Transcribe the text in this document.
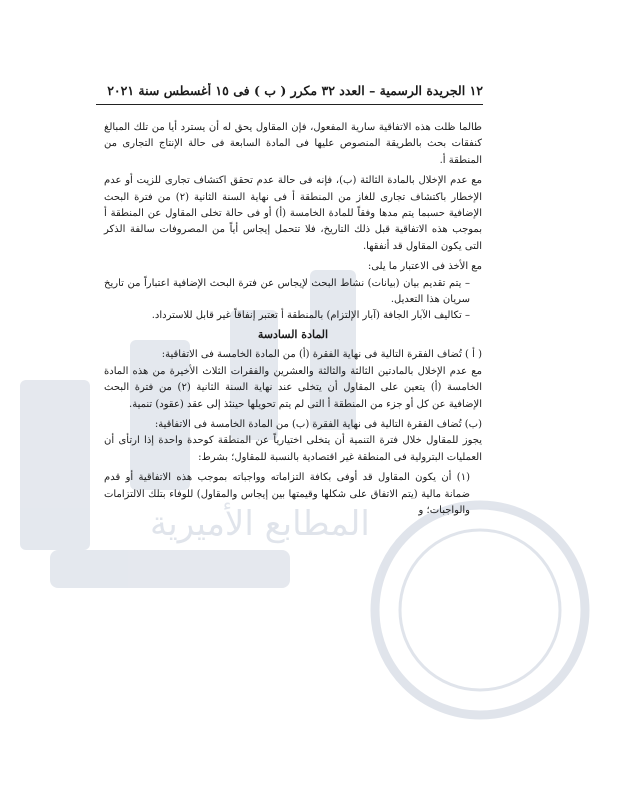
المطابع الأميرية
١٢ الجريدة الرسمية – العدد ٣٢ مكرر ( ب ) فى ١٥ أغسطس سنة ٢٠٢١

طالما ظلت هذه الاتفاقية سارية المفعول، فإن المقاول يحق له أن يسترد أيا من تلك المبالغ كنفقات بحث بالطريقة المنصوص عليها فى المادة السابعة فى حالة الإنتاج التجارى من المنطقة أ.

مع عدم الإخلال بالمادة الثالثة (ب)، فإنه فى حالة عدم تحقق اكتشاف تجارى للزيت أو عدم الإخطار باكتشاف تجارى للغاز من المنطقة أ فى نهاية السنة الثانية (٢) من فترة البحث الإضافية حسبما يتم مدها وفقاً للمادة الخامسة (أ) أو فى حالة تخلى المقاول عن المنطقة أ بموجب هذه الاتفاقية قبل ذلك التاريخ، فلا تتحمل إيجاس أياً من المصروفات سالفة الذكر التى يكون المقاول قد أنفقها.

مع الأخذ فى الاعتبار ما يلى:

– يتم تقديم بيان (بيانات) نشاط البحث لإيجاس عن فترة البحث الإضافية اعتباراً من تاريخ سريان هذا التعديل.

– تكاليف الآبار الجافة (آبار الإلتزام) بالمنطقة أ تعتبر إنفاقاً غير قابل للاسترداد.

المادة السادسة

( أ ) تُضاف الفقرة التالية فى نهاية الفقرة (أ) من المادة الخامسة فى الاتفاقية:

مع عدم الإخلال بالمادتين الثالثة والثالثة والعشرين والفقرات الثلاث الأخيرة من هذه المادة الخامسة (أ) يتعين على المقاول أن يتخلى عند نهاية السنة الثانية (٢) من فترة البحث الإضافية عن كل أو جزء من المنطقة أ التى لم يتم تحويلها حينئذ إلى عقد (عقود) تنمية.

(ب) تُضاف الفقرة التالية فى نهاية الفقرة (ب) من المادة الخامسة فى الاتفاقية:

يجوز للمقاول خلال فترة التنمية أن يتخلى اختيارياً عن المنطقة كوحدة واحدة إذا ارتأى أن العمليات البترولية فى المنطقة غير اقتصادية بالنسبة للمقاول؛ بشرط:

(١) أن يكون المقاول قد أوفى بكافة التزاماته وواجباته بموجب هذه الاتفاقية أو قدم ضمانة مالية (يتم الاتفاق على شكلها وقيمتها بين إيجاس والمقاول) للوفاء بتلك الالتزامات والواجبات؛ و
